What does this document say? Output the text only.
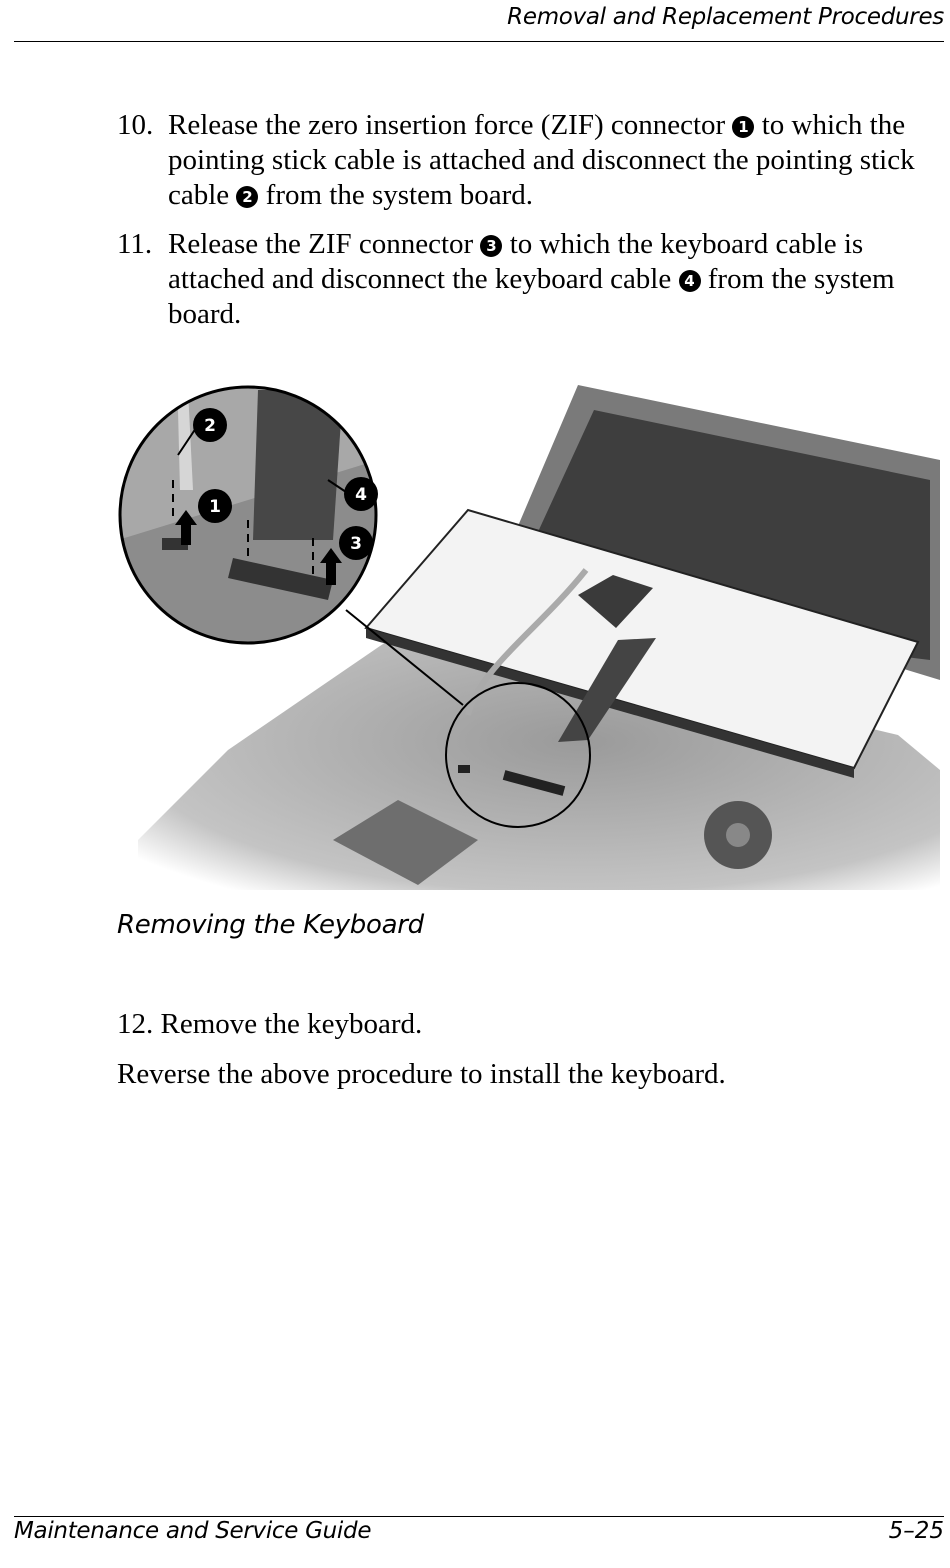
Removal and Replacement Procedures
10. Release the zero insertion force (ZIF) connector 1 to which the pointing stick cable is attached and disconnect the pointing stick cable 2 from the system board.
11. Release the ZIF connector 3 to which the keyboard cable is attached and disconnect the keyboard cable 4 from the system board.
2
1
4
3
Removing the Keyboard
12. Remove the keyboard.
Reverse the above procedure to install the keyboard.
Maintenance and Service Guide	5–25
